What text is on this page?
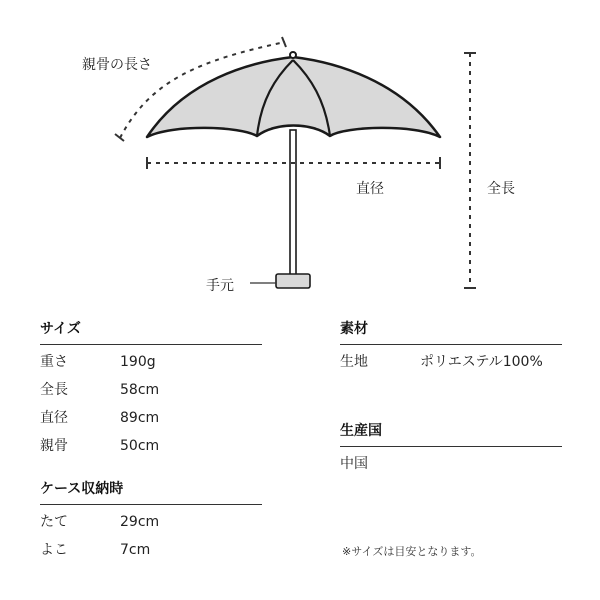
親骨の長さ
直径	全長
手元
サイズ
重さ	190g
全長	58cm
直径	89cm
親骨	50cm
ケース収納時
たて	29cm
よこ	7cm
素材
生地	ポリエステル100%
生産国
中国
※サイズは目安となります。
